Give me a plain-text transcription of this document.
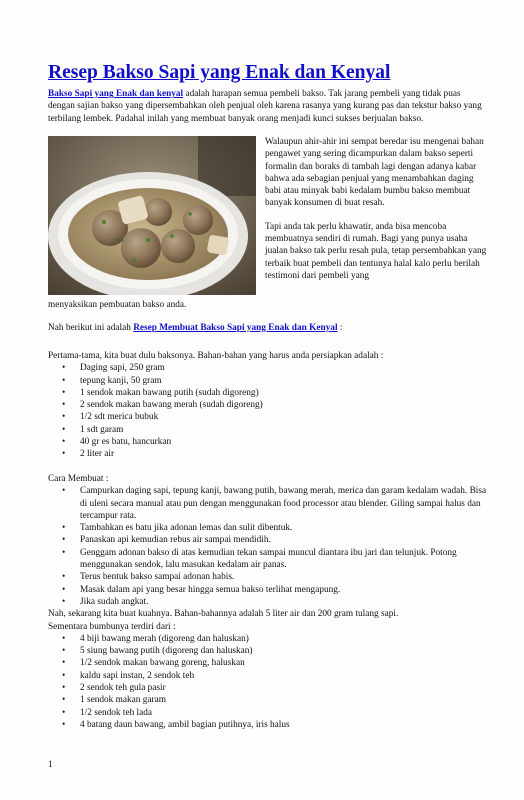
Resep Bakso Sapi yang Enak dan Kenyal

Bakso Sapi yang Enak dan kenyal adalah harapan semua pembeli bakso. Tak jarang pembeli yang tidak puas dengan sajian bakso yang dipersembahkan oleh penjual oleh karena rasanya yang kurang pas dan tekstur bakso yang terbilang lembek. Padahal inilah yang membuat banyak orang menjadi kunci sukses berjualan bakso.

Walaupun ahir-ahir ini sempat beredar isu mengenai bahan pengawet yang sering dicampurkan dalam bakso seperti formalin dan boraks di tambah lagi dengan adanya kabar bahwa ada sebagian penjual yang menambahkan daging babi atau minyak babi kedalam bumbu bakso membuat banyak konsumen di buat resah.

Tapi anda tak perlu khawatir, anda bisa mencoba membuatnya sendiri di rumah. Bagi yang punya usaha jualan bakso tak perlu resah pula, tetap persembahkan yang terbaik buat pembeli dan tentunya halal kalo perlu berilah testimoni dari pembeli yang

menyaksikan pembuatan bakso anda.

Nah berikut ini adalah Resep Membuat Bakso Sapi yang Enak dan Kenyal :

Pertama-tama, kita buat dulu baksonya. Bahan-bahan yang harus anda persiapkan adalah :

• Daging sapi, 250 gram
• tepung kanji, 50 gram
• 1 sendok makan bawang putih (sudah digoreng)
• 2 sendok makan bawang merah (sudah digoreng)
• 1/2 sdt merica bubuk
• 1 sdt garam
• 40 gr es batu, hancurkan
• 2 liter air

Cara Membuat :

• Campurkan daging sapi, tepung kanji, bawang putih, bawang merah, merica dan garam kedalam wadah. Bisa di uleni secara manual atau pun dengan menggunakan food processor atau blender. Giling sampai halus dan tercampur rata.
• Tambahkan es batu jika adonan lemas dan sulit dibentuk.
• Panaskan api kemudian rebus air sampai mendidih.
• Genggam adonan bakso di atas kemudian tekan sampai muncul diantara ibu jari dan telunjuk. Potong menggunakan sendok, lalu masukan kedalam air panas.
• Terus bentuk bakso sampai adonan habis.
• Masak dalam api yang besar hingga semua bakso terlihat mengapung.
• Jika sudah angkat.

Nah, sekarang kita buat kuahnya. Bahan-bahannya adalah 5 liter air dan 200 gram tulang sapi.

Sementara bumbunya terdiri dari :

• 4 biji bawang merah (digoreng dan haluskan)
• 5 siung bawang putih (digoreng dan haluskan)
• 1/2 sendok makan bawang goreng, haluskan
• kaldu sapi instan, 2 sendok teh
• 2 sendok teh gula pasir
• 1 sendok makan garam
• 1/2 sendok teh lada
• 4 batang daun bawang, ambil bagian putihnya, iris halus

1
